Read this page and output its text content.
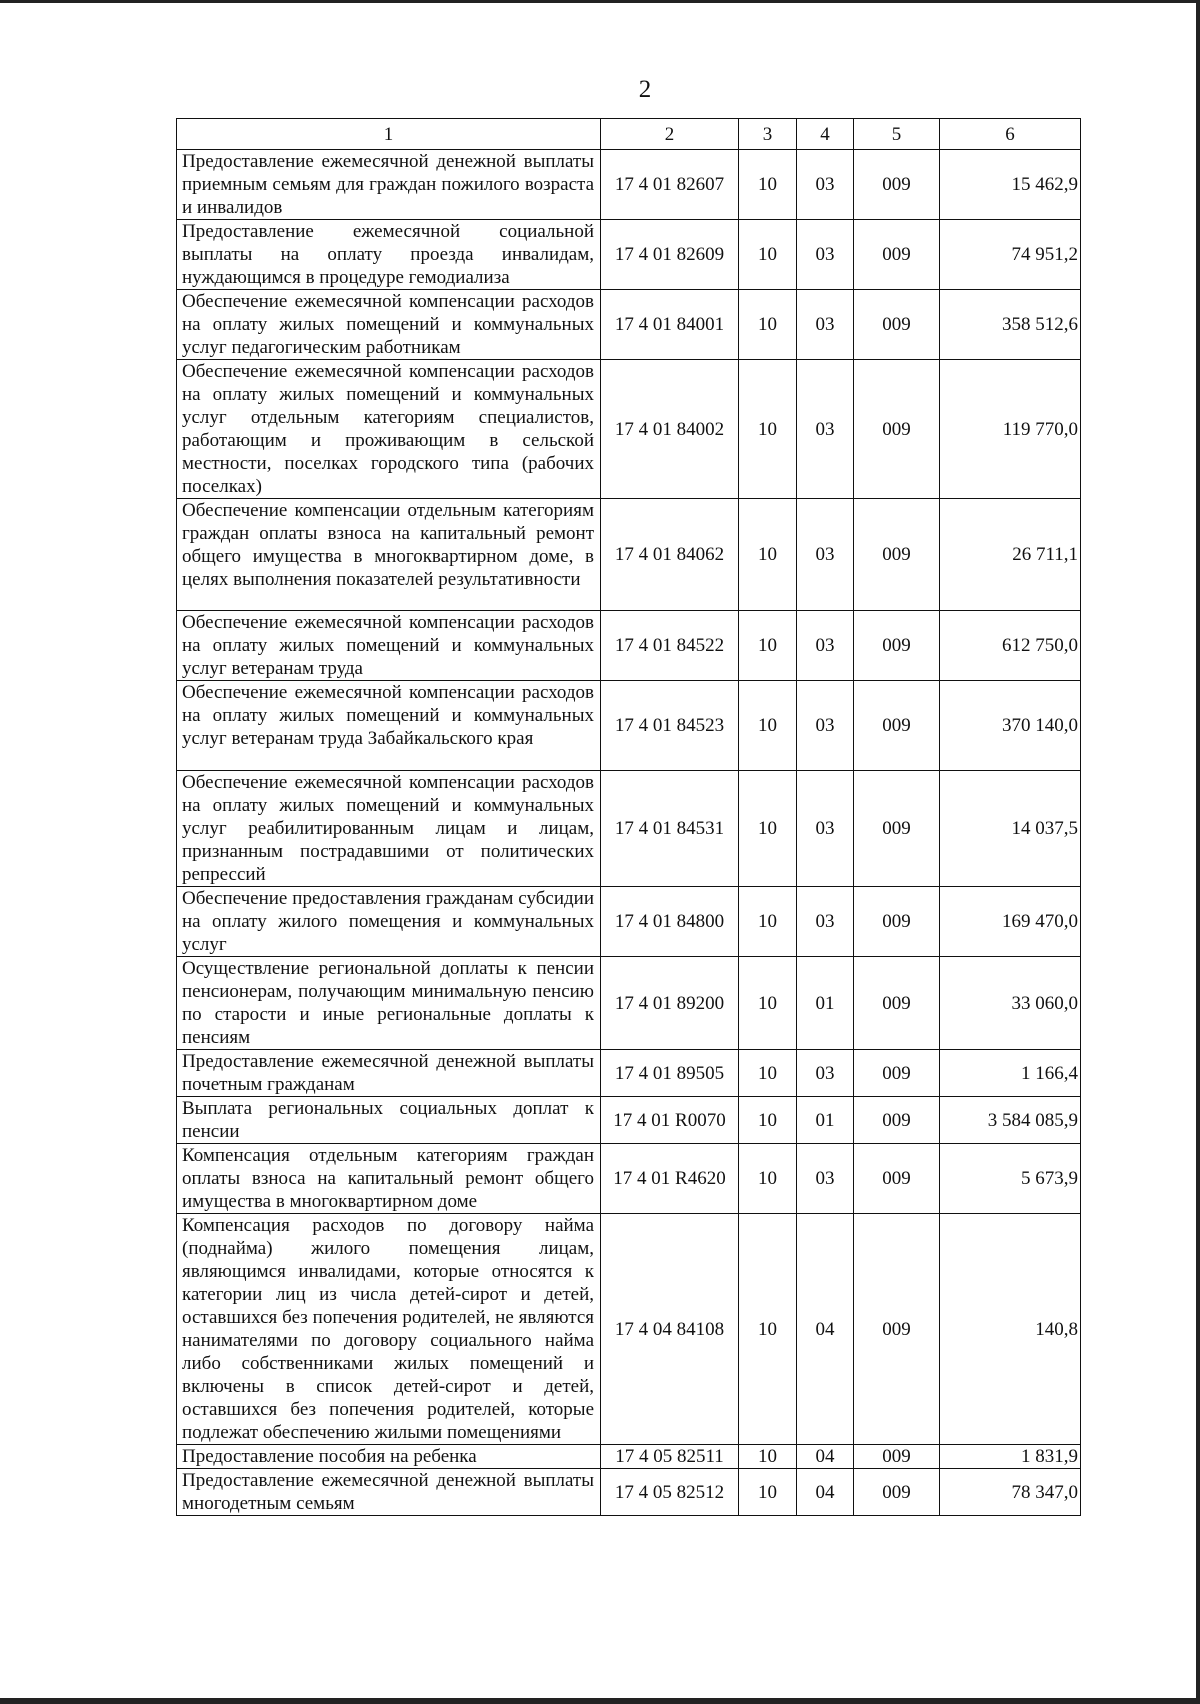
2
1	2	3	4	5	6
Предоставление ежемесячной денежной выплаты приемным семьям для граждан пожилого возраста и инвалидов	17 4 01 82607	10	03	009	15 462,9
Предоставление ежемесячной социальной выплаты на оплату проезда инвалидам, нуждающимся в процедуре гемодиализа	17 4 01 82609	10	03	009	74 951,2
Обеспечение ежемесячной компенсации расходов на оплату жилых помещений и коммунальных услуг педагогическим работникам	17 4 01 84001	10	03	009	358 512,6
Обеспечение ежемесячной компенсации расходов на оплату жилых помещений и коммунальных услуг отдельным категориям специалистов, работающим и проживающим в сельской местности, поселках городского типа (рабочих поселках)	17 4 01 84002	10	03	009	119 770,0
Обеспечение компенсации отдельным категориям граждан оплаты взноса на капитальный ремонт общего имущества в многоквартирном доме, в целях выполнения показателей результативности	17 4 01 84062	10	03	009	26 711,1
Обеспечение ежемесячной компенсации расходов на оплату жилых помещений и коммунальных услуг ветеранам труда	17 4 01 84522	10	03	009	612 750,0
Обеспечение ежемесячной компенсации расходов на оплату жилых помещений и коммунальных услуг ветеранам труда Забайкальского края	17 4 01 84523	10	03	009	370 140,0
Обеспечение ежемесячной компенсации расходов на оплату жилых помещений и коммунальных услуг реабилитированным лицам и лицам, признанным пострадавшими от политических репрессий	17 4 01 84531	10	03	009	14 037,5
Обеспечение предоставления гражданам субсидии на оплату жилого помещения и коммунальных услуг	17 4 01 84800	10	03	009	169 470,0
Осуществление региональной доплаты к пенсии пенсионерам, получающим минимальную пенсию по старости и иные региональные доплаты к пенсиям	17 4 01 89200	10	01	009	33 060,0
Предоставление ежемесячной денежной выплаты почетным гражданам	17 4 01 89505	10	03	009	1 166,4
Выплата региональных социальных доплат к пенсии	17 4 01 R0070	10	01	009	3 584 085,9
Компенсация отдельным категориям граждан оплаты взноса на капитальный ремонт общего имущества в многоквартирном доме	17 4 01 R4620	10	03	009	5 673,9
Компенсация расходов по договору найма (поднайма) жилого помещения лицам, являющимся инвалидами, которые относятся к категории лиц из числа детей-сирот и детей, оставшихся без попечения родителей, не являются нанимателями по договору социального найма либо собственниками жилых помещений и включены в список детей-сирот и детей, оставшихся без попечения родителей, которые подлежат обеспечению жилыми помещениями	17 4 04 84108	10	04	009	140,8
Предоставление пособия на ребенка	17 4 05 82511	10	04	009	1 831,9
Предоставление ежемесячной денежной выплаты многодетным семьям	17 4 05 82512	10	04	009	78 347,0
